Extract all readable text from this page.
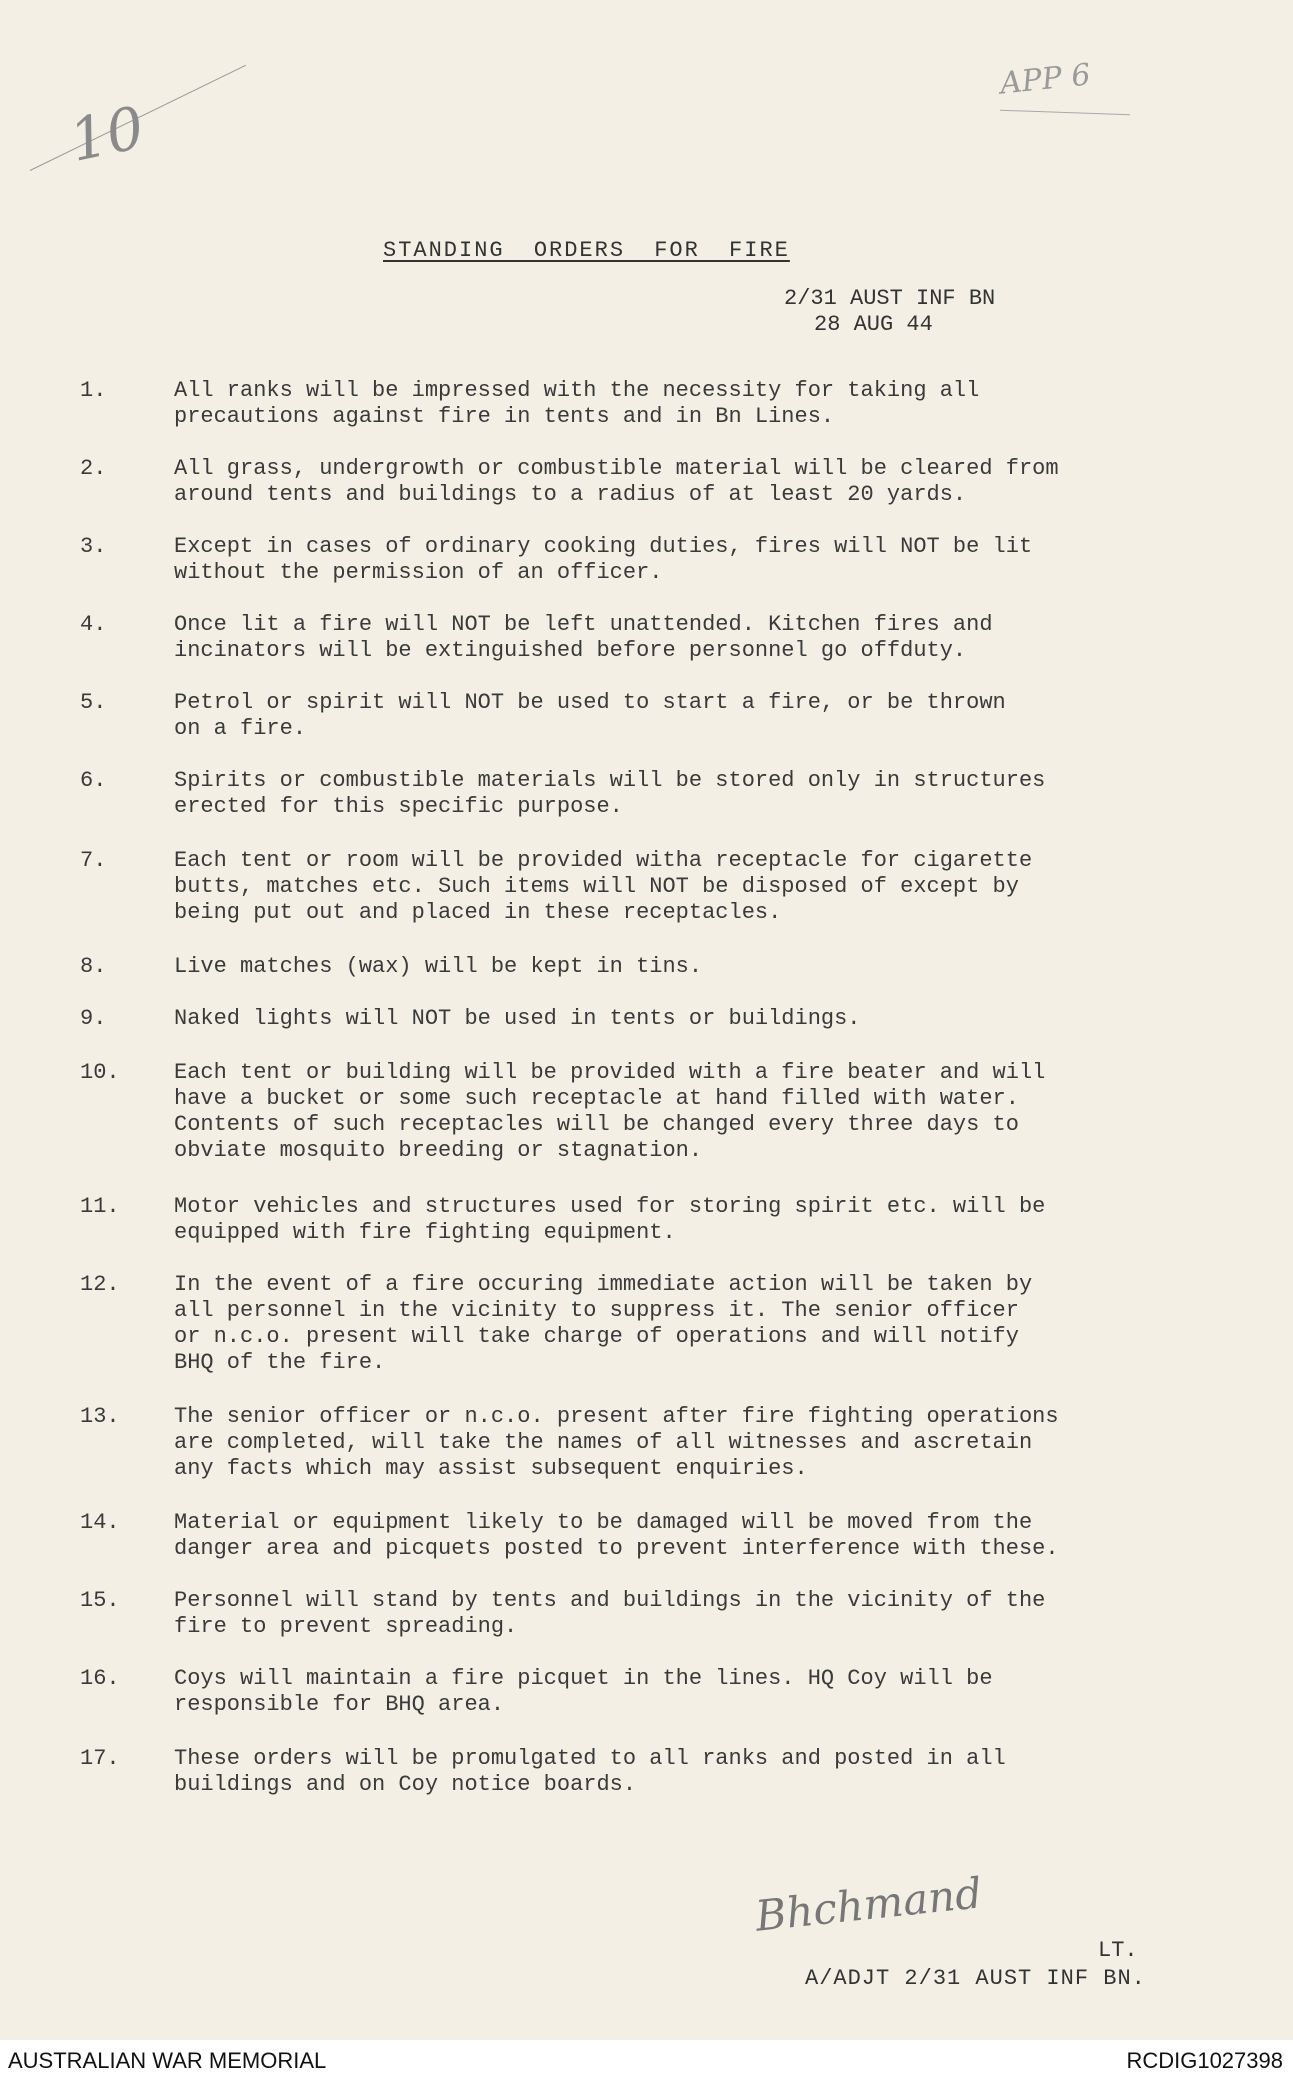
10
APP 6
STANDING ORDERS FOR FIRE
2/31 AUST INF BN
28 AUG 44
1.	All ranks will be impressed with the necessity for taking all
precautions against fire in tents and in Bn Lines.
2.	All grass, undergrowth or combustible material will be cleared from
around tents and buildings to a radius of at least 20 yards.
3.	Except in cases of ordinary cooking duties, fires will NOT be lit
without the permission of an officer.
4.	Once lit a fire will NOT be left unattended. Kitchen fires and
incinators will be extinguished before personnel go offduty.
5.	Petrol or spirit will NOT be used to start a fire, or be thrown
on a fire.
6.	Spirits or combustible materials will be stored only in structures
erected for this specific purpose.
7.	Each tent or room will be provided witha receptacle for cigarette
butts, matches etc. Such items will NOT be disposed of except by
being put out and placed in these receptacles.
8.	Live matches (wax) will be kept in tins.
9.	Naked lights will NOT be used in tents or buildings.
10.	Each tent or building will be provided with a fire beater and will
have a bucket or some such receptacle at hand filled with water.
Contents of such receptacles will be changed every three days to
obviate mosquito breeding or stagnation.
11.	Motor vehicles and structures used for storing spirit etc. will be
equipped with fire fighting equipment.
12.	In the event of a fire occuring immediate action will be taken by
all personnel in the vicinity to suppress it. The senior officer
or n.c.o. present will take charge of operations and will notify
BHQ of the fire.
13.	The senior officer or n.c.o. present after fire fighting operations
are completed, will take the names of all witnesses and ascretain
any facts which may assist subsequent enquiries.
14.	Material or equipment likely to be damaged will be moved from the
danger area and picquets posted to prevent interference with these.
15.	Personnel will stand by tents and buildings in the vicinity of the
fire to prevent spreading.
16.	Coys will maintain a fire picquet in the lines. HQ Coy will be
responsible for BHQ area.
17.	These orders will be promulgated to all ranks and posted in all
buildings and on Coy notice boards.
Bhchmand
LT.
A/ADJT 2/31 AUST INF BN.
AUSTRALIAN WAR MEMORIAL	RCDIG1027398
